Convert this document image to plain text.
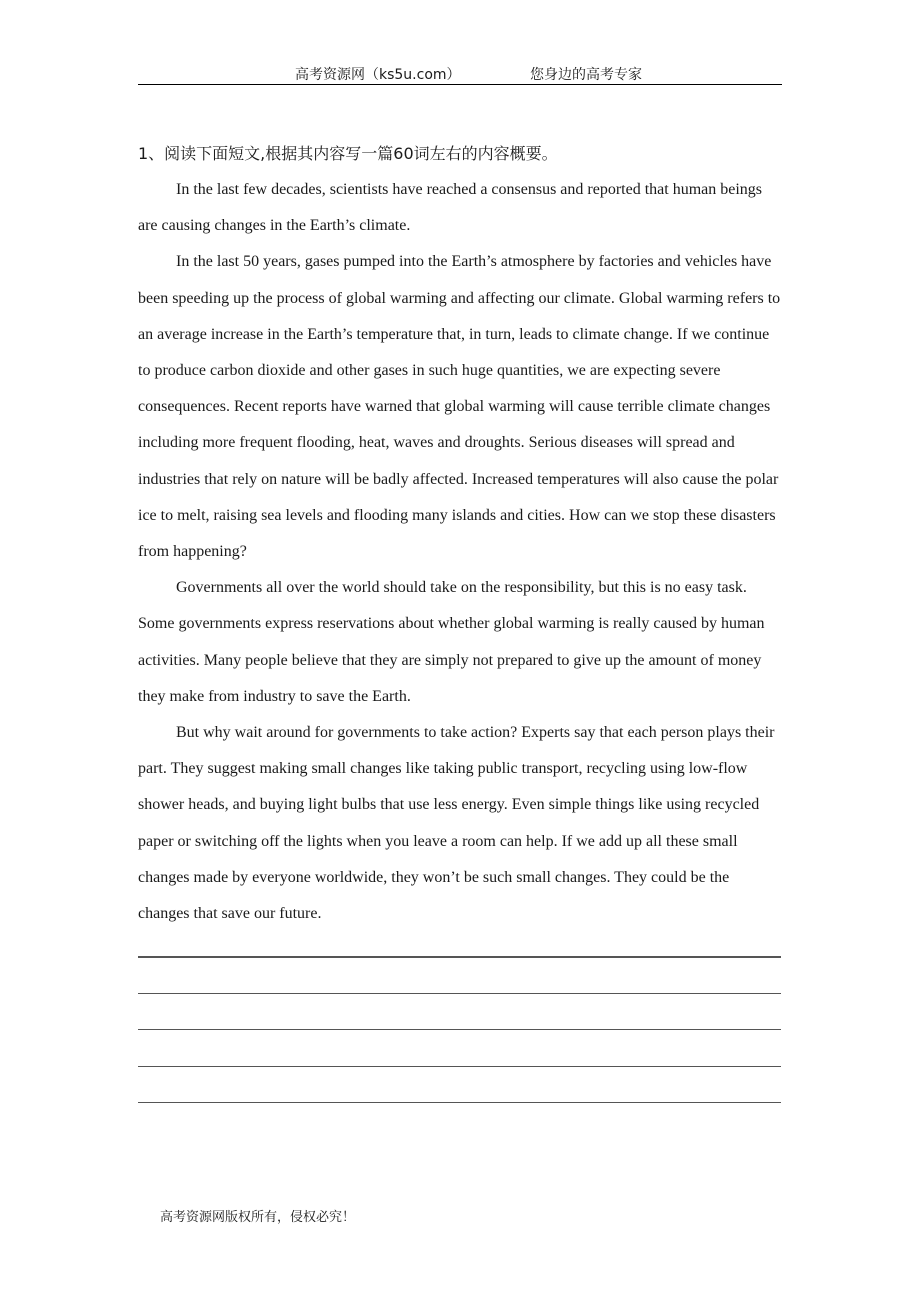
高考资源网（ks5u.com）	您身边的高考专家
1、阅读下面短文,根据其内容写一篇60词左右的内容概要。

In the last few decades, scientists have reached a consensus and reported that human beings are causing changes in the Earth’s climate.

In the last 50 years, gases pumped into the Earth’s atmosphere by factories and vehicles have been speeding up the process of global warming and affecting our climate. Global warming refers to an average increase in the Earth’s temperature that, in turn, leads to climate change. If we continue to produce carbon dioxide and other gases in such huge quantities, we are expecting severe consequences. Recent reports have warned that global warming will cause terrible climate changes including more frequent flooding, heat, waves and droughts. Serious diseases will spread and industries that rely on nature will be badly affected. Increased temperatures will also cause the polar ice to melt, raising sea levels and flooding many islands and cities. How can we stop these disasters from happening?

Governments all over the world should take on the responsibility, but this is no easy task. Some governments express reservations about whether global warming is really caused by human activities. Many people believe that they are simply not prepared to give up the amount of money they make from industry to save the Earth.

But why wait around for governments to take action? Experts say that each person plays their part. They suggest making small changes like taking public transport, recycling using low-flow shower heads, and buying light bulbs that use less energy. Even simple things like using recycled paper or switching off the lights when you leave a room can help. If we add up all these small changes made by everyone worldwide, they won’t be such small changes. They could be the changes that save our future.

高考资源网版权所有，侵权必究！
